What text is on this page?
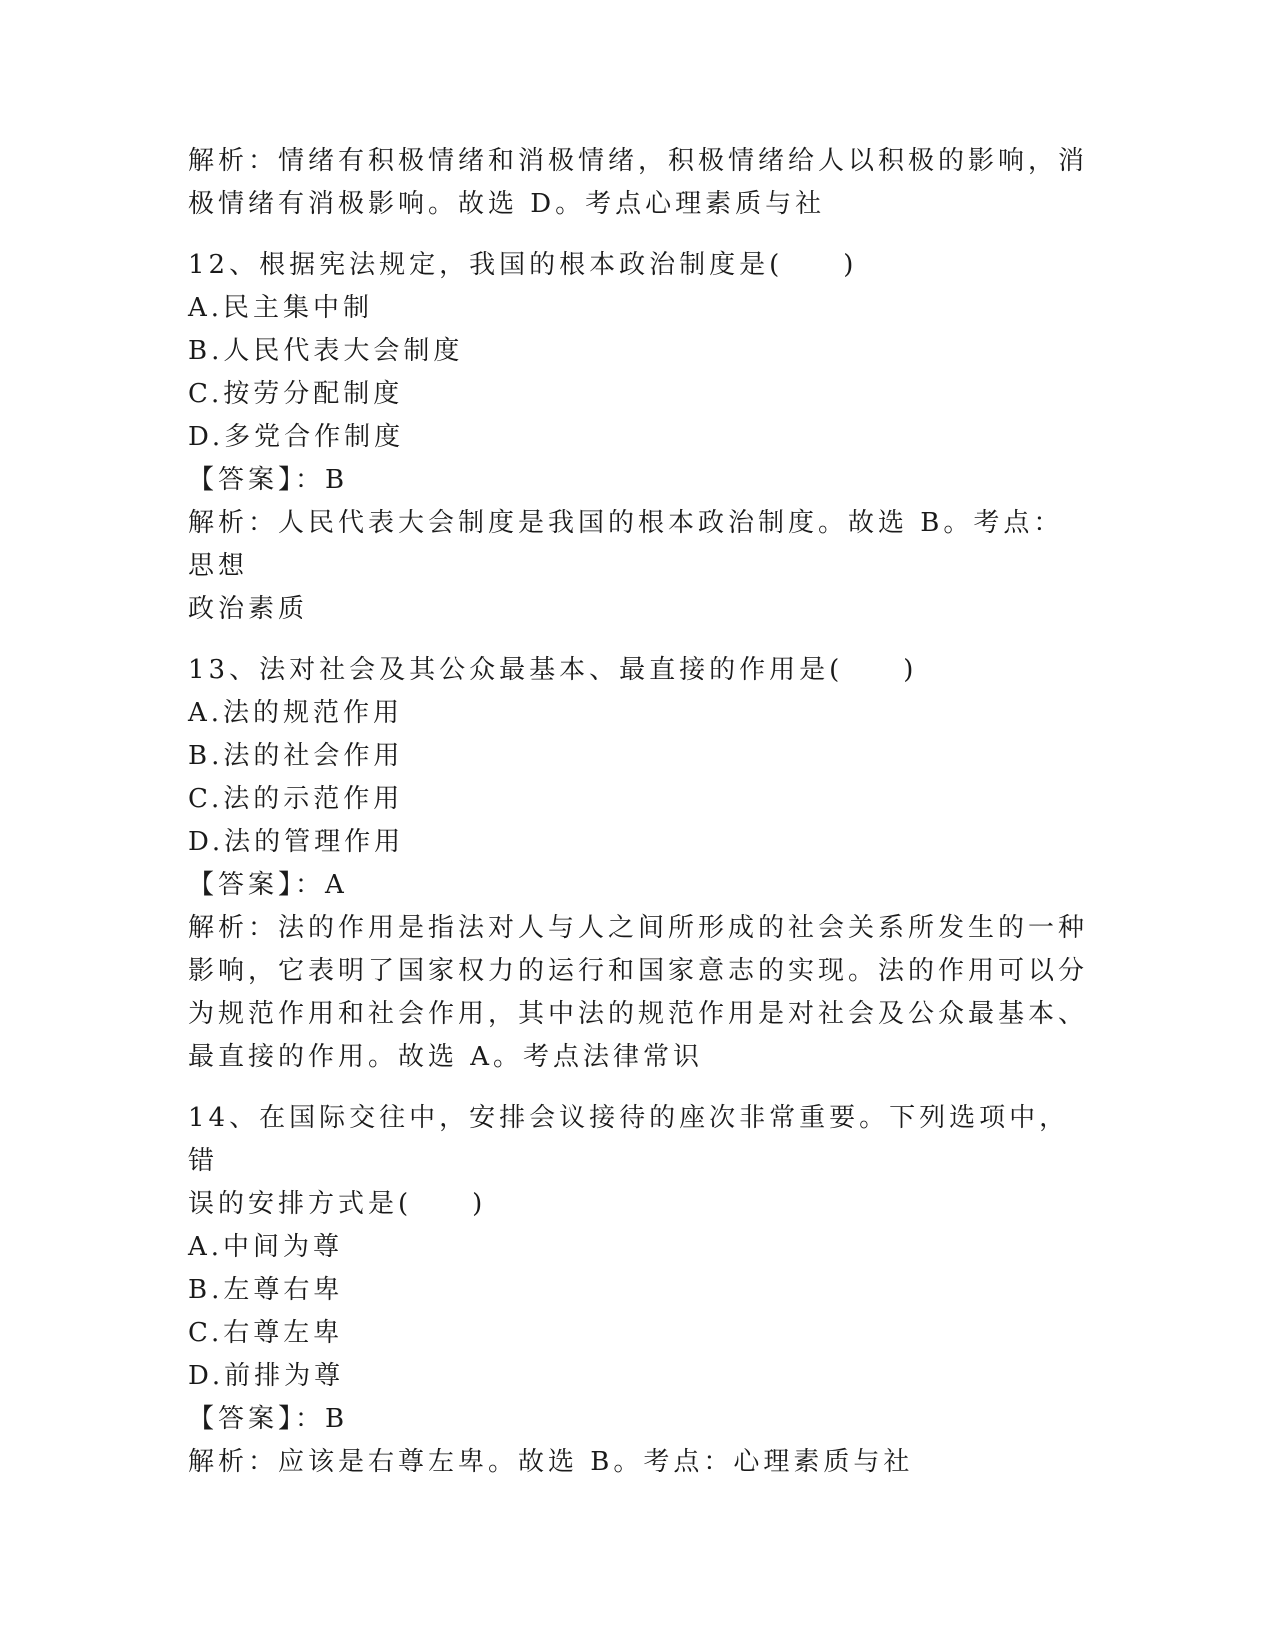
解析：情绪有积极情绪和消极情绪，积极情绪给人以积极的影响，消

极情绪有消极影响。故选 D。考点心理素质与社

12、根据宪法规定，我国的根本政治制度是(　　)

A.民主集中制

B.人民代表大会制度

C.按劳分配制度

D.多党合作制度

【答案】：B

解析：人民代表大会制度是我国的根本政治制度。故选 B。考点：思想

政治素质

13、法对社会及其公众最基本、最直接的作用是(　　)

A.法的规范作用

B.法的社会作用

C.法的示范作用

D.法的管理作用

【答案】：A

解析：法的作用是指法对人与人之间所形成的社会关系所发生的一种

影响，它表明了国家权力的运行和国家意志的实现。法的作用可以分

为规范作用和社会作用，其中法的规范作用是对社会及公众最基本、

最直接的作用。故选 A。考点法律常识

14、在国际交往中，安排会议接待的座次非常重要。下列选项中，错

误的安排方式是(　　)

A.中间为尊

B.左尊右卑

C.右尊左卑

D.前排为尊

【答案】：B

解析：应该是右尊左卑。故选 B。考点：心理素质与社
